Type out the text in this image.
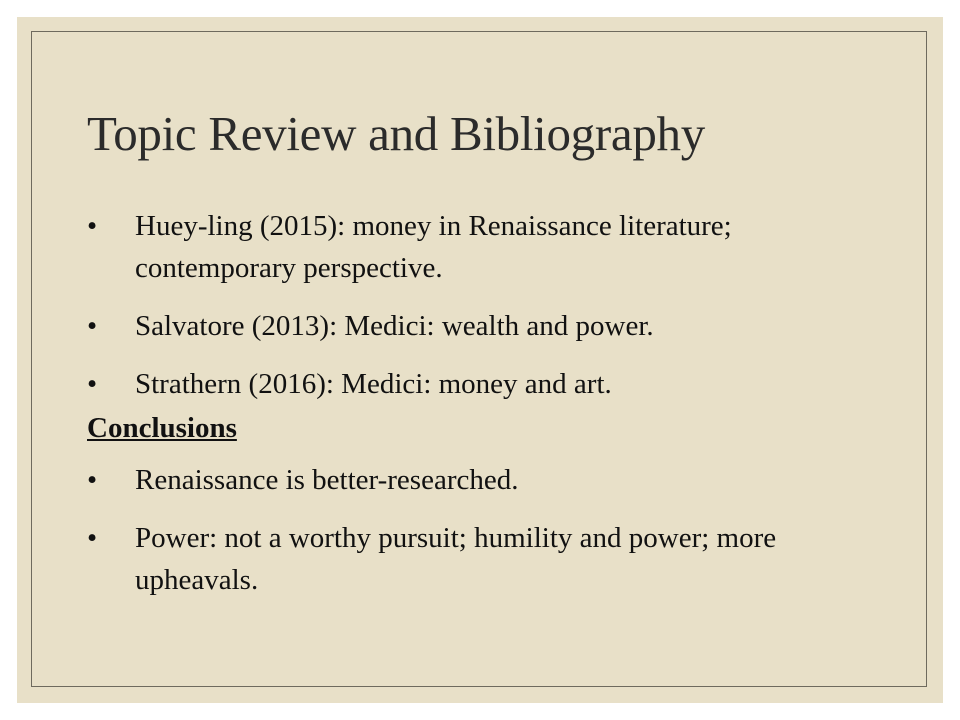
Topic Review and Bibliography
•	Huey-ling (2015): money in Renaissance literature; contemporary perspective.
•	Salvatore (2013): Medici: wealth and power.
•	Strathern (2016): Medici: money and art.
Conclusions
•	Renaissance is better-researched.
•	Power: not a worthy pursuit; humility and power; more upheavals.
